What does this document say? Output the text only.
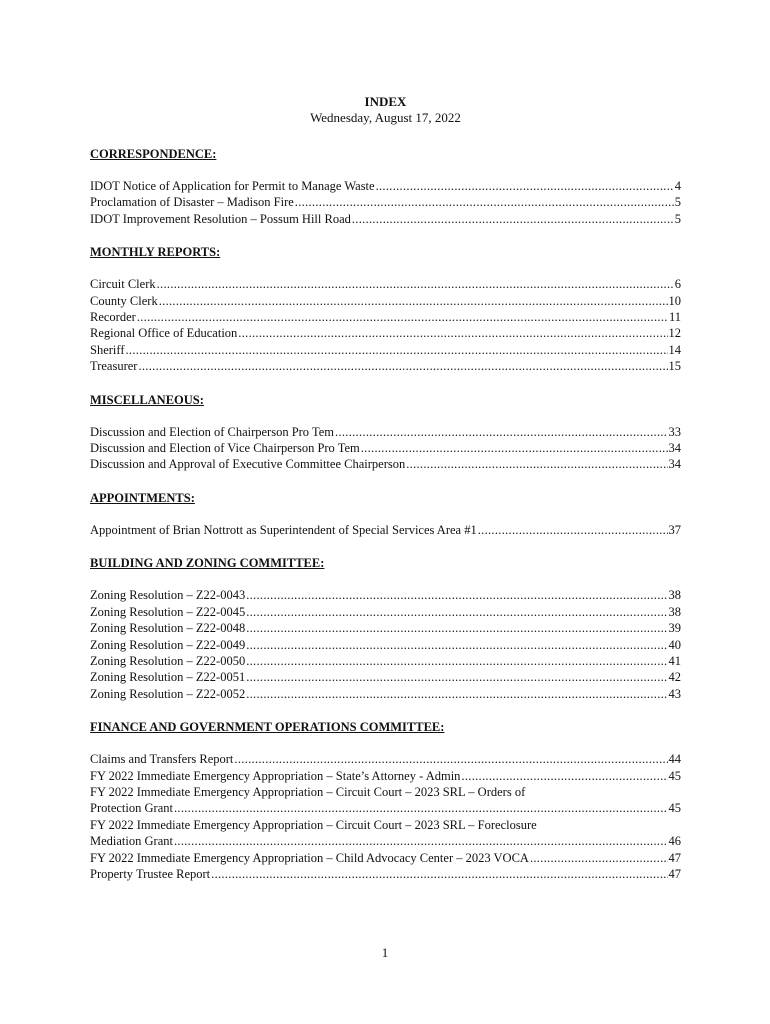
INDEX
Wednesday, August 17, 2022
CORRESPONDENCE:
IDOT Notice of Application for Permit to Manage Waste .....	4
Proclamation of Disaster – Madison Fire .....	5
IDOT Improvement Resolution – Possum Hill Road .....	5
MONTHLY REPORTS:
Circuit Clerk .....	6
County Clerk .....	10
Recorder .....	11
Regional Office of Education .....	12
Sheriff .....	14
Treasurer .....	15
MISCELLANEOUS:
Discussion and Election of Chairperson Pro Tem .....	33
Discussion and Election of Vice Chairperson Pro Tem .....	34
Discussion and Approval of Executive Committee Chairperson .....	34
APPOINTMENTS:
Appointment of Brian Nottrott as Superintendent of Special Services Area #1 .....	37
BUILDING AND ZONING COMMITTEE:
Zoning Resolution – Z22-0043 .....	38
Zoning Resolution – Z22-0045 .....	38
Zoning Resolution – Z22-0048 .....	39
Zoning Resolution – Z22-0049 .....	40
Zoning Resolution – Z22-0050 .....	41
Zoning Resolution – Z22-0051 .....	42
Zoning Resolution – Z22-0052 .....	43
FINANCE AND GOVERNMENT OPERATIONS COMMITTEE:
Claims and Transfers Report .....	44
FY 2022 Immediate Emergency Appropriation – State’s Attorney - Admin .....	45
FY 2022 Immediate Emergency Appropriation – Circuit Court – 2023 SRL – Orders of
Protection Grant .....	45
FY 2022 Immediate Emergency Appropriation – Circuit Court – 2023 SRL – Foreclosure
Mediation Grant .....	46
FY 2022 Immediate Emergency Appropriation – Child Advocacy Center – 2023 VOCA .....	47
Property Trustee Report .....	47
1
